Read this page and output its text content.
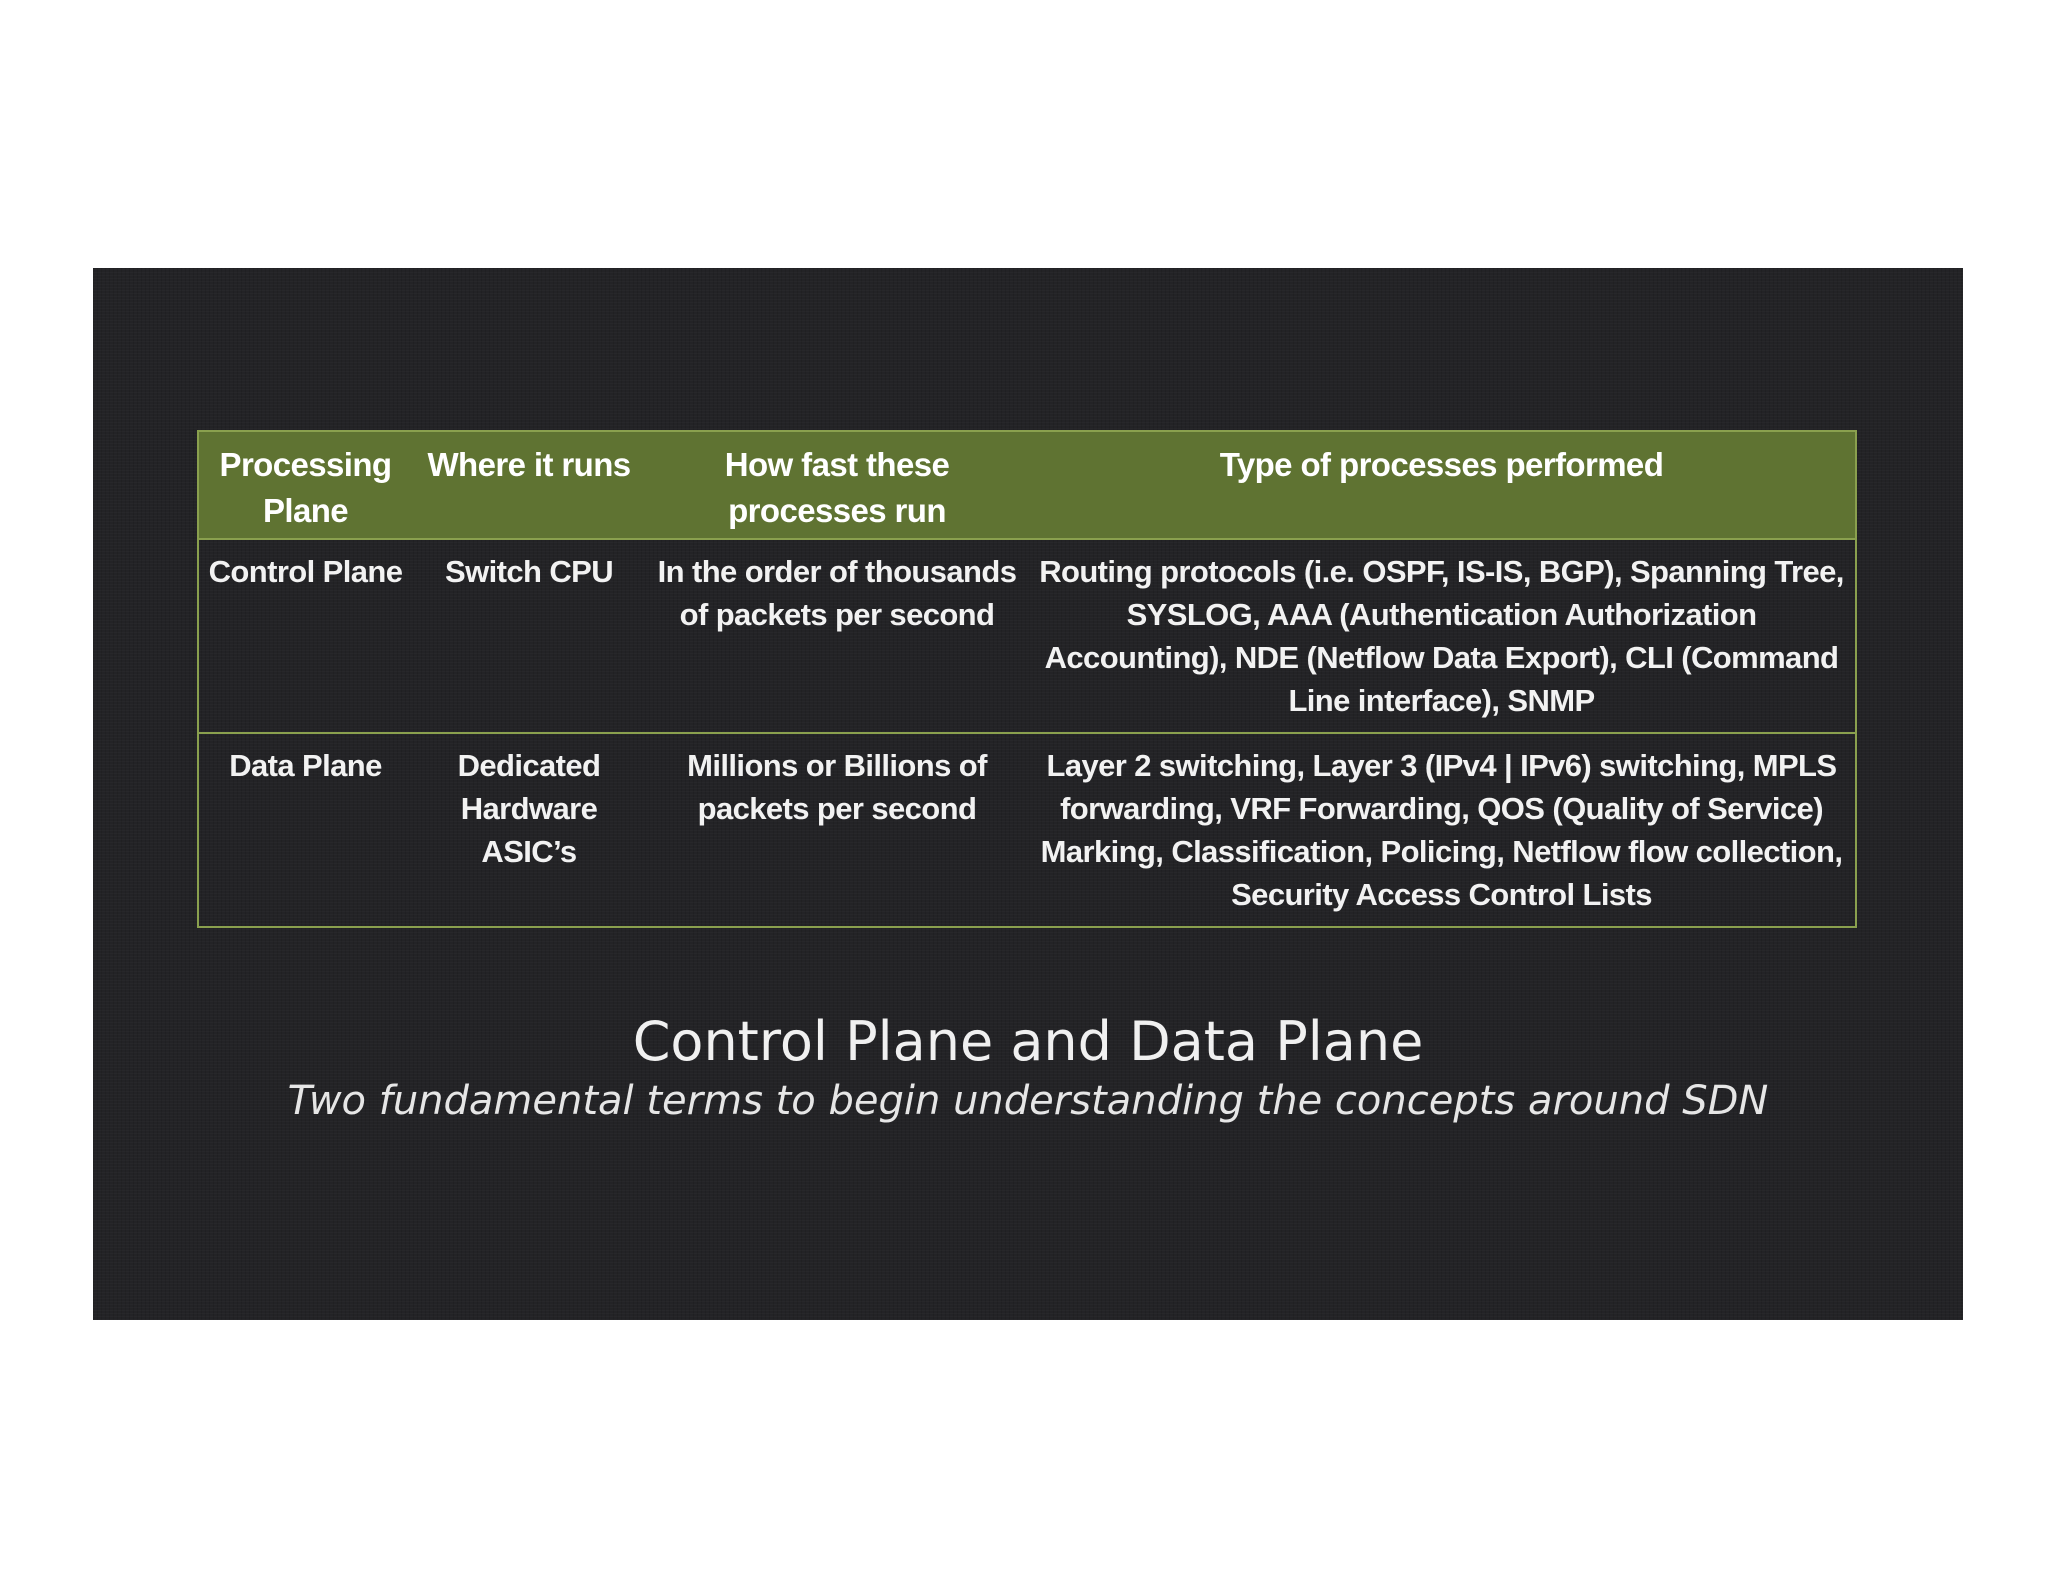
Processing Plane	Where it runs	How fast these processes run	Type of processes performed
Control Plane	Switch CPU	In the order of thousands of packets per second	Routing protocols (i.e. OSPF, IS-IS, BGP), Spanning Tree, SYSLOG, AAA (Authentication Authorization Accounting), NDE (Netflow Data Export), CLI (Command Line interface), SNMP
Data Plane	Dedicated Hardware ASIC’s	Millions or Billions of packets per second	Layer 2 switching, Layer 3 (IPv4 | IPv6) switching, MPLS forwarding, VRF Forwarding, QOS (Quality of Service) Marking, Classification, Policing, Netflow flow collection, Security Access Control Lists
Control Plane and Data Plane
Two fundamental terms to begin understanding the concepts around SDN
